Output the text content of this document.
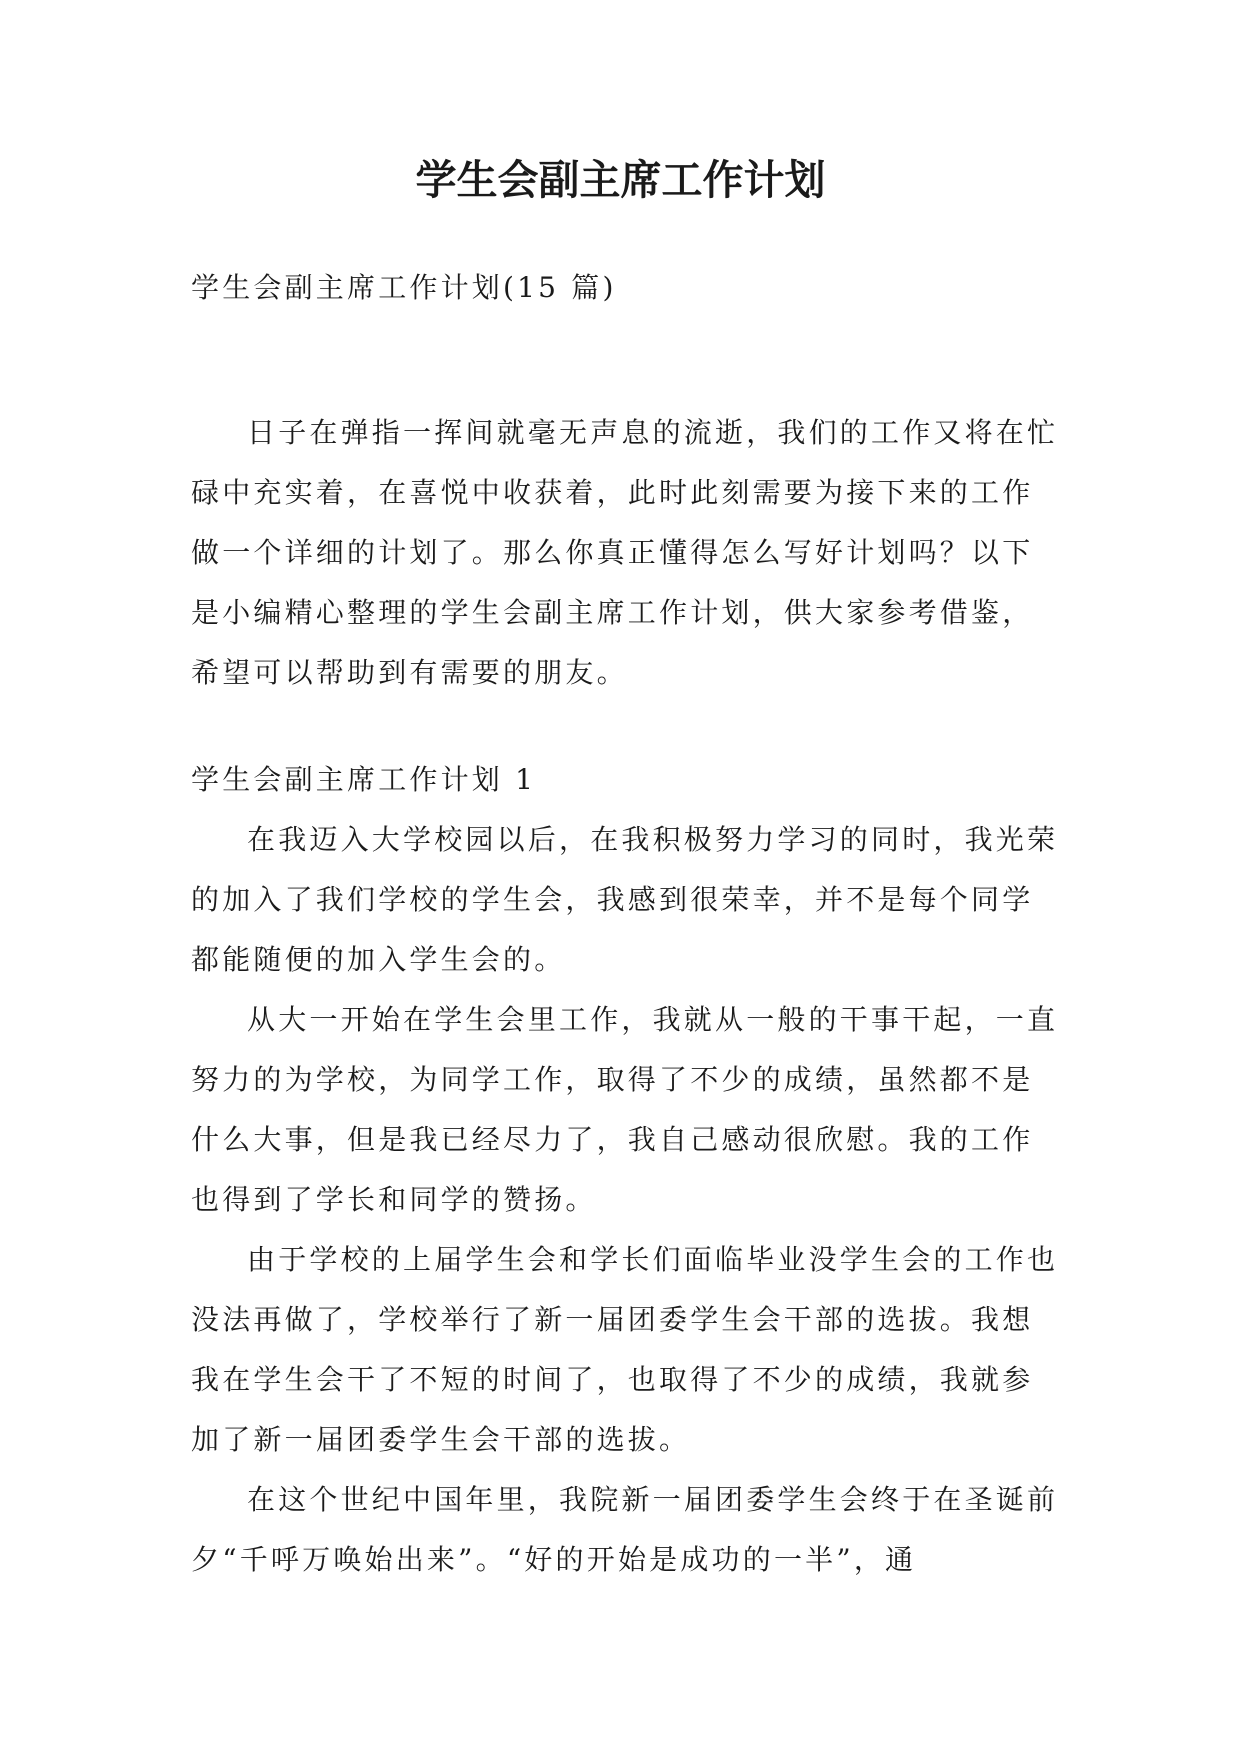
学生会副主席工作计划
学生会副主席工作计划(15 篇)

日子在弹指一挥间就毫无声息的流逝，我们的工作又将在忙碌中充实着，在喜悦中收获着，此时此刻需要为接下来的工作做一个详细的计划了。那么你真正懂得怎么写好计划吗？以下是小编精心整理的学生会副主席工作计划，供大家参考借鉴，希望可以帮助到有需要的朋友。

学生会副主席工作计划 1

在我迈入大学校园以后，在我积极努力学习的同时，我光荣的加入了我们学校的学生会，我感到很荣幸，并不是每个同学都能随便的加入学生会的。

从大一开始在学生会里工作，我就从一般的干事干起，一直努力的为学校，为同学工作，取得了不少的成绩，虽然都不是什么大事，但是我已经尽力了，我自己感动很欣慰。我的工作也得到了学长和同学的赞扬。

由于学校的上届学生会和学长们面临毕业没学生会的工作也没法再做了，学校举行了新一届团委学生会干部的选拔。我想我在学生会干了不短的时间了，也取得了不少的成绩，我就参加了新一届团委学生会干部的选拔。

在这个世纪中国年里，我院新一届团委学生会终于在圣诞前夕“千呼万唤始出来”。“好的开始是成功的一半”，通
